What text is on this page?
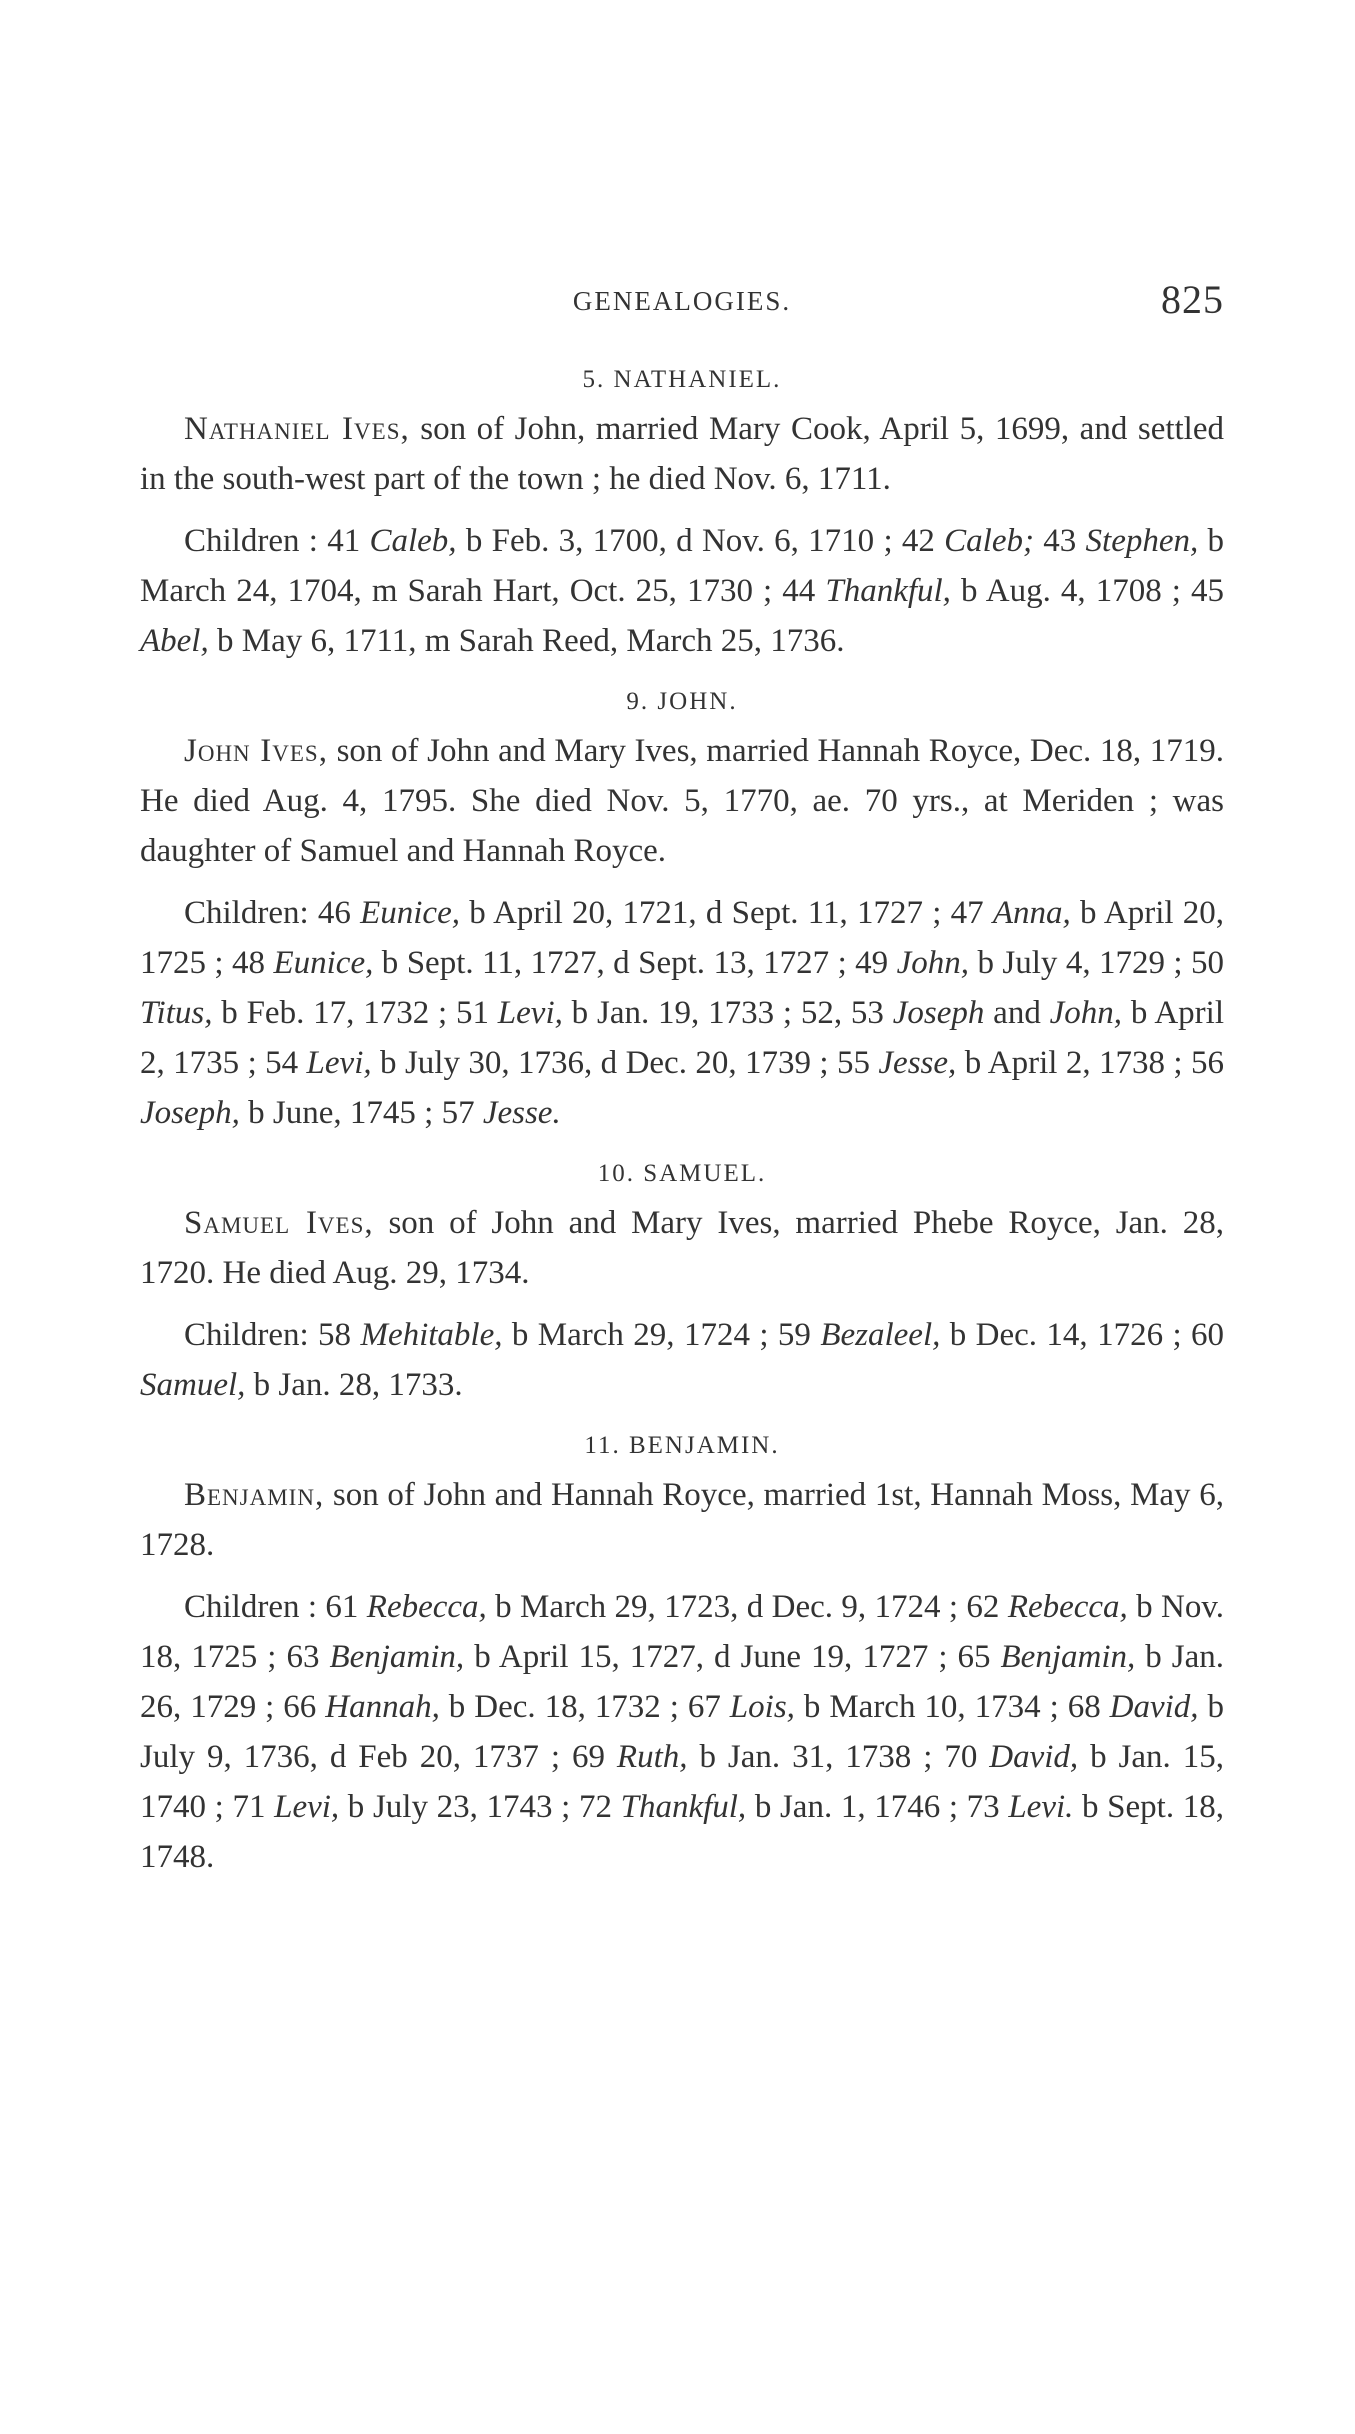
GENEALOGIES.	825
5. NATHANIEL.

Nathaniel Ives, son of John, married Mary Cook, April 5, 1699, and settled in the south-west part of the town ; he died Nov. 6, 1711.

Children : 41 Caleb, b Feb. 3, 1700, d Nov. 6, 1710 ; 42 Caleb; 43 Stephen, b March 24, 1704, m Sarah Hart, Oct. 25, 1730 ; 44 Thankful, b Aug. 4, 1708 ; 45 Abel, b May 6, 1711, m Sarah Reed, March 25, 1736.

9. JOHN.

John Ives, son of John and Mary Ives, married Hannah Royce, Dec. 18, 1719. He died Aug. 4, 1795. She died Nov. 5, 1770, ae. 70 yrs., at Meriden ; was daughter of Samuel and Hannah Royce.

Children: 46 Eunice, b April 20, 1721, d Sept. 11, 1727 ; 47 Anna, b April 20, 1725 ; 48 Eunice, b Sept. 11, 1727, d Sept. 13, 1727 ; 49 John, b July 4, 1729 ; 50 Titus, b Feb. 17, 1732 ; 51 Levi, b Jan. 19, 1733 ; 52, 53 Joseph and John, b April 2, 1735 ; 54 Levi, b July 30, 1736, d Dec. 20, 1739 ; 55 Jesse, b April 2, 1738 ; 56 Joseph, b June, 1745 ; 57 Jesse.

10. SAMUEL.

Samuel Ives, son of John and Mary Ives, married Phebe Royce, Jan. 28, 1720. He died Aug. 29, 1734.

Children: 58 Mehitable, b March 29, 1724 ; 59 Bezaleel, b Dec. 14, 1726 ; 60 Samuel, b Jan. 28, 1733.

11. BENJAMIN.

Benjamin, son of John and Hannah Royce, married 1st, Hannah Moss, May 6, 1728.

Children : 61 Rebecca, b March 29, 1723, d Dec. 9, 1724 ; 62 Rebecca, b Nov. 18, 1725 ; 63 Benjamin, b April 15, 1727, d June 19, 1727 ; 65 Benjamin, b Jan. 26, 1729 ; 66 Hannah, b Dec. 18, 1732 ; 67 Lois, b March 10, 1734 ; 68 David, b July 9, 1736, d Feb 20, 1737 ; 69 Ruth, b Jan. 31, 1738 ; 70 David, b Jan. 15, 1740 ; 71 Levi, b July 23, 1743 ; 72 Thankful, b Jan. 1, 1746 ; 73 Levi. b Sept. 18, 1748.
